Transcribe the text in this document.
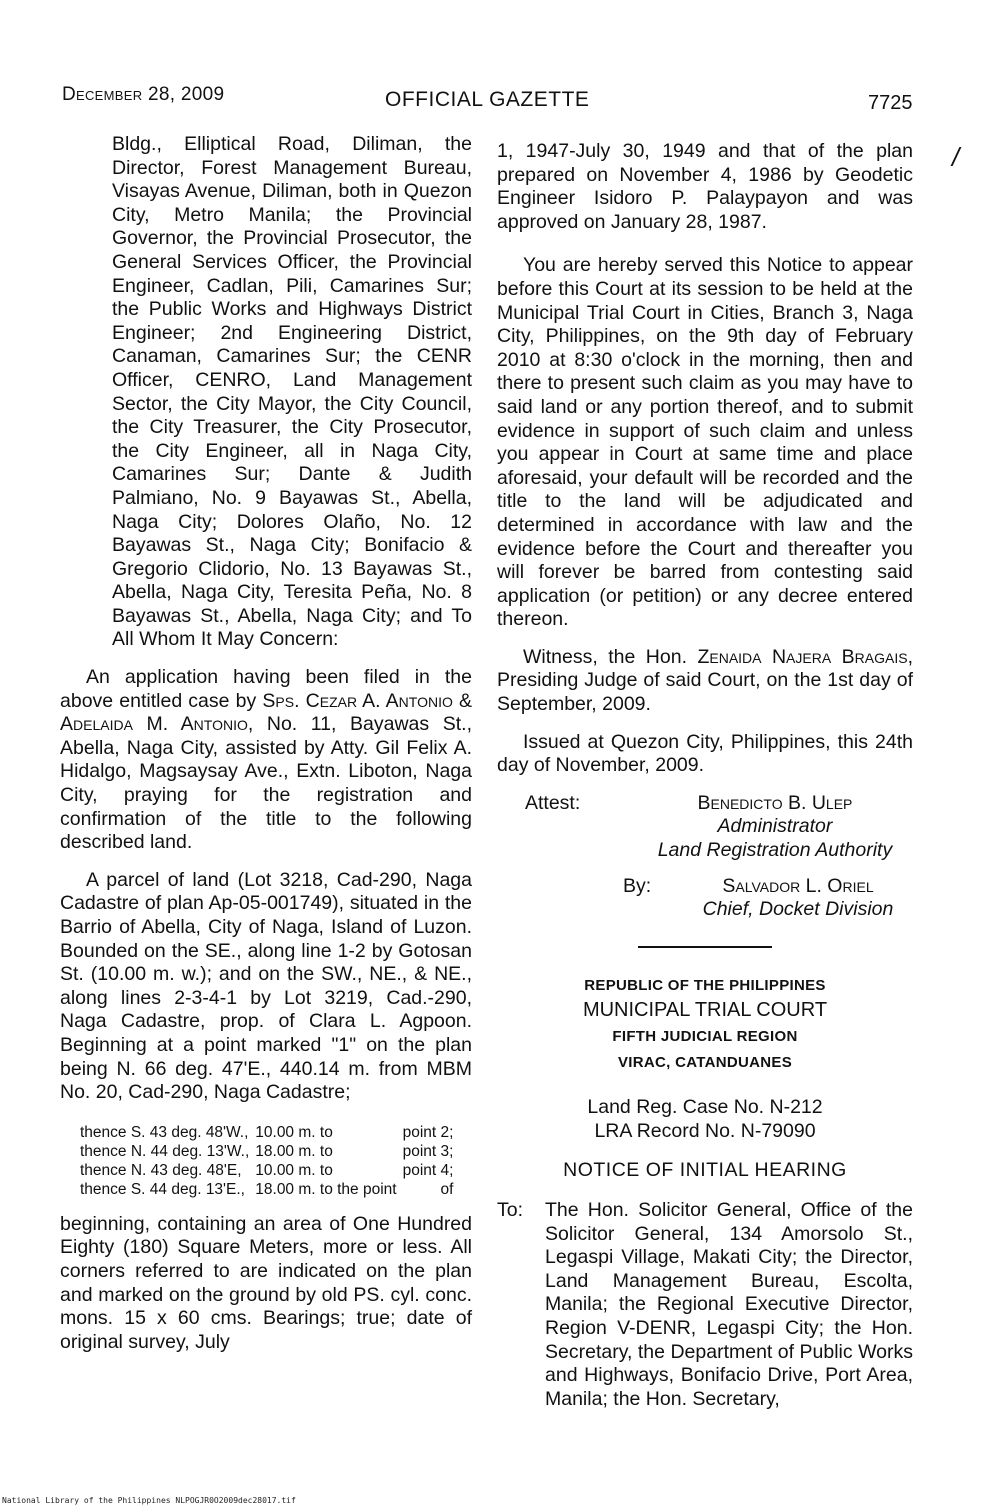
December 28, 2009	OFFICIAL GAZETTE	7725
/

Bldg., Elliptical Road, Diliman, the Director, Forest Management Bureau, Visayas Avenue, Diliman, both in Quezon City, Metro Manila; the Provincial Governor, the Provincial Prosecutor, the General Services Officer, the Provincial Engineer, Cadlan, Pili, Camarines Sur; the Public Works and Highways District Engineer; 2nd Engineering District, Canaman, Camarines Sur; the CENR Officer, CENRO, Land Management Sector, the City Mayor, the City Council, the City Treasurer, the City Prosecutor, the City Engineer, all in Naga City, Camarines Sur; Dante & Judith Palmiano, No. 9 Bayawas St., Abella, Naga City; Dolores Olaño, No. 12 Bayawas St., Naga City; Bonifacio & Gregorio Clidorio, No. 13 Bayawas St., Abella, Naga City, Teresita Peña, No. 8 Bayawas St., Abella, Naga City; and To All Whom It May Concern:

An application having been filed in the above entitled case by Sps. Cezar A. Antonio & Adelaida M. Antonio, No. 11, Bayawas St., Abella, Naga City, assisted by Atty. Gil Felix A. Hidalgo, Magsaysay Ave., Extn. Liboton, Naga City, praying for the registration and confirmation of the title to the following described land.

A parcel of land (Lot 3218, Cad-290, Naga Cadastre of plan Ap-05-001749), situated in the Barrio of Abella, City of Naga, Island of Luzon. Bounded on the SE., along line 1-2 by Gotosan St. (10.00 m. w.); and on the SW., NE., & NE., along lines 2-3-4-1 by Lot 3219, Cad.-290, Naga Cadastre, prop. of Clara L. Agpoon. Beginning at a point marked "1" on the plan being N. 66 deg. 47'E., 440.14 m. from MBM No. 20, Cad-290, Naga Cadastre;

thence S. 43 deg. 48'W.,	10.00 m. to	point 2;
thence N. 44 deg. 13'W.,	18.00 m. to	point 3;
thence N. 43 deg. 48'E,	10.00 m. to	point 4;
thence S. 44 deg. 13'E.,	18.00 m. to the point	of

beginning, containing an area of One Hundred Eighty (180) Square Meters, more or less. All corners referred to are indicated on the plan and marked on the ground by old PS. cyl. conc. mons. 15 x 60 cms. Bearings; true; date of original survey, July

1, 1947-July 30, 1949 and that of the plan prepared on November 4, 1986 by Geodetic Engineer Isidoro P. Palaypayon and was approved on January 28, 1987.

You are hereby served this Notice to appear before this Court at its session to be held at the Municipal Trial Court in Cities, Branch 3, Naga City, Philippines, on the 9th day of February 2010 at 8:30 o'clock in the morning, then and there to present such claim as you may have to said land or any portion thereof, and to submit evidence in support of such claim and unless you appear in Court at same time and place aforesaid, your default will be recorded and the title to the land will be adjudicated and determined in accordance with law and the evidence before the Court and thereafter you will forever be barred from contesting said application (or petition) or any decree entered thereon.

Witness, the Hon. Zenaida Najera Bragais, Presiding Judge of said Court, on the 1st day of September, 2009.

Issued at Quezon City, Philippines, this 24th day of November, 2009.

Attest:	Benedicto B. Ulep
Administrator
Land Registration Authority
By:	Salvador L. Oriel
Chief, Docket Division
REPUBLIC OF THE PHILIPPINES
MUNICIPAL TRIAL COURT
FIFTH JUDICIAL REGION
VIRAC, CATANDUANES
Land Reg. Case No. N-212
LRA Record No. N-79090
NOTICE OF INITIAL HEARING
To:	The Hon. Solicitor General, Office of the Solicitor General, 134 Amorsolo St., Legaspi Village, Makati City; the Director, Land Management Bureau, Escolta, Manila; the Regional Executive Director, Region V-DENR, Legaspi City; the Hon. Secretary, the Department of Public Works and Highways, Bonifacio Drive, Port Area, Manila; the Hon. Secretary,
National Library of the Philippines NLPOGJR0O2009dec28017.tif
